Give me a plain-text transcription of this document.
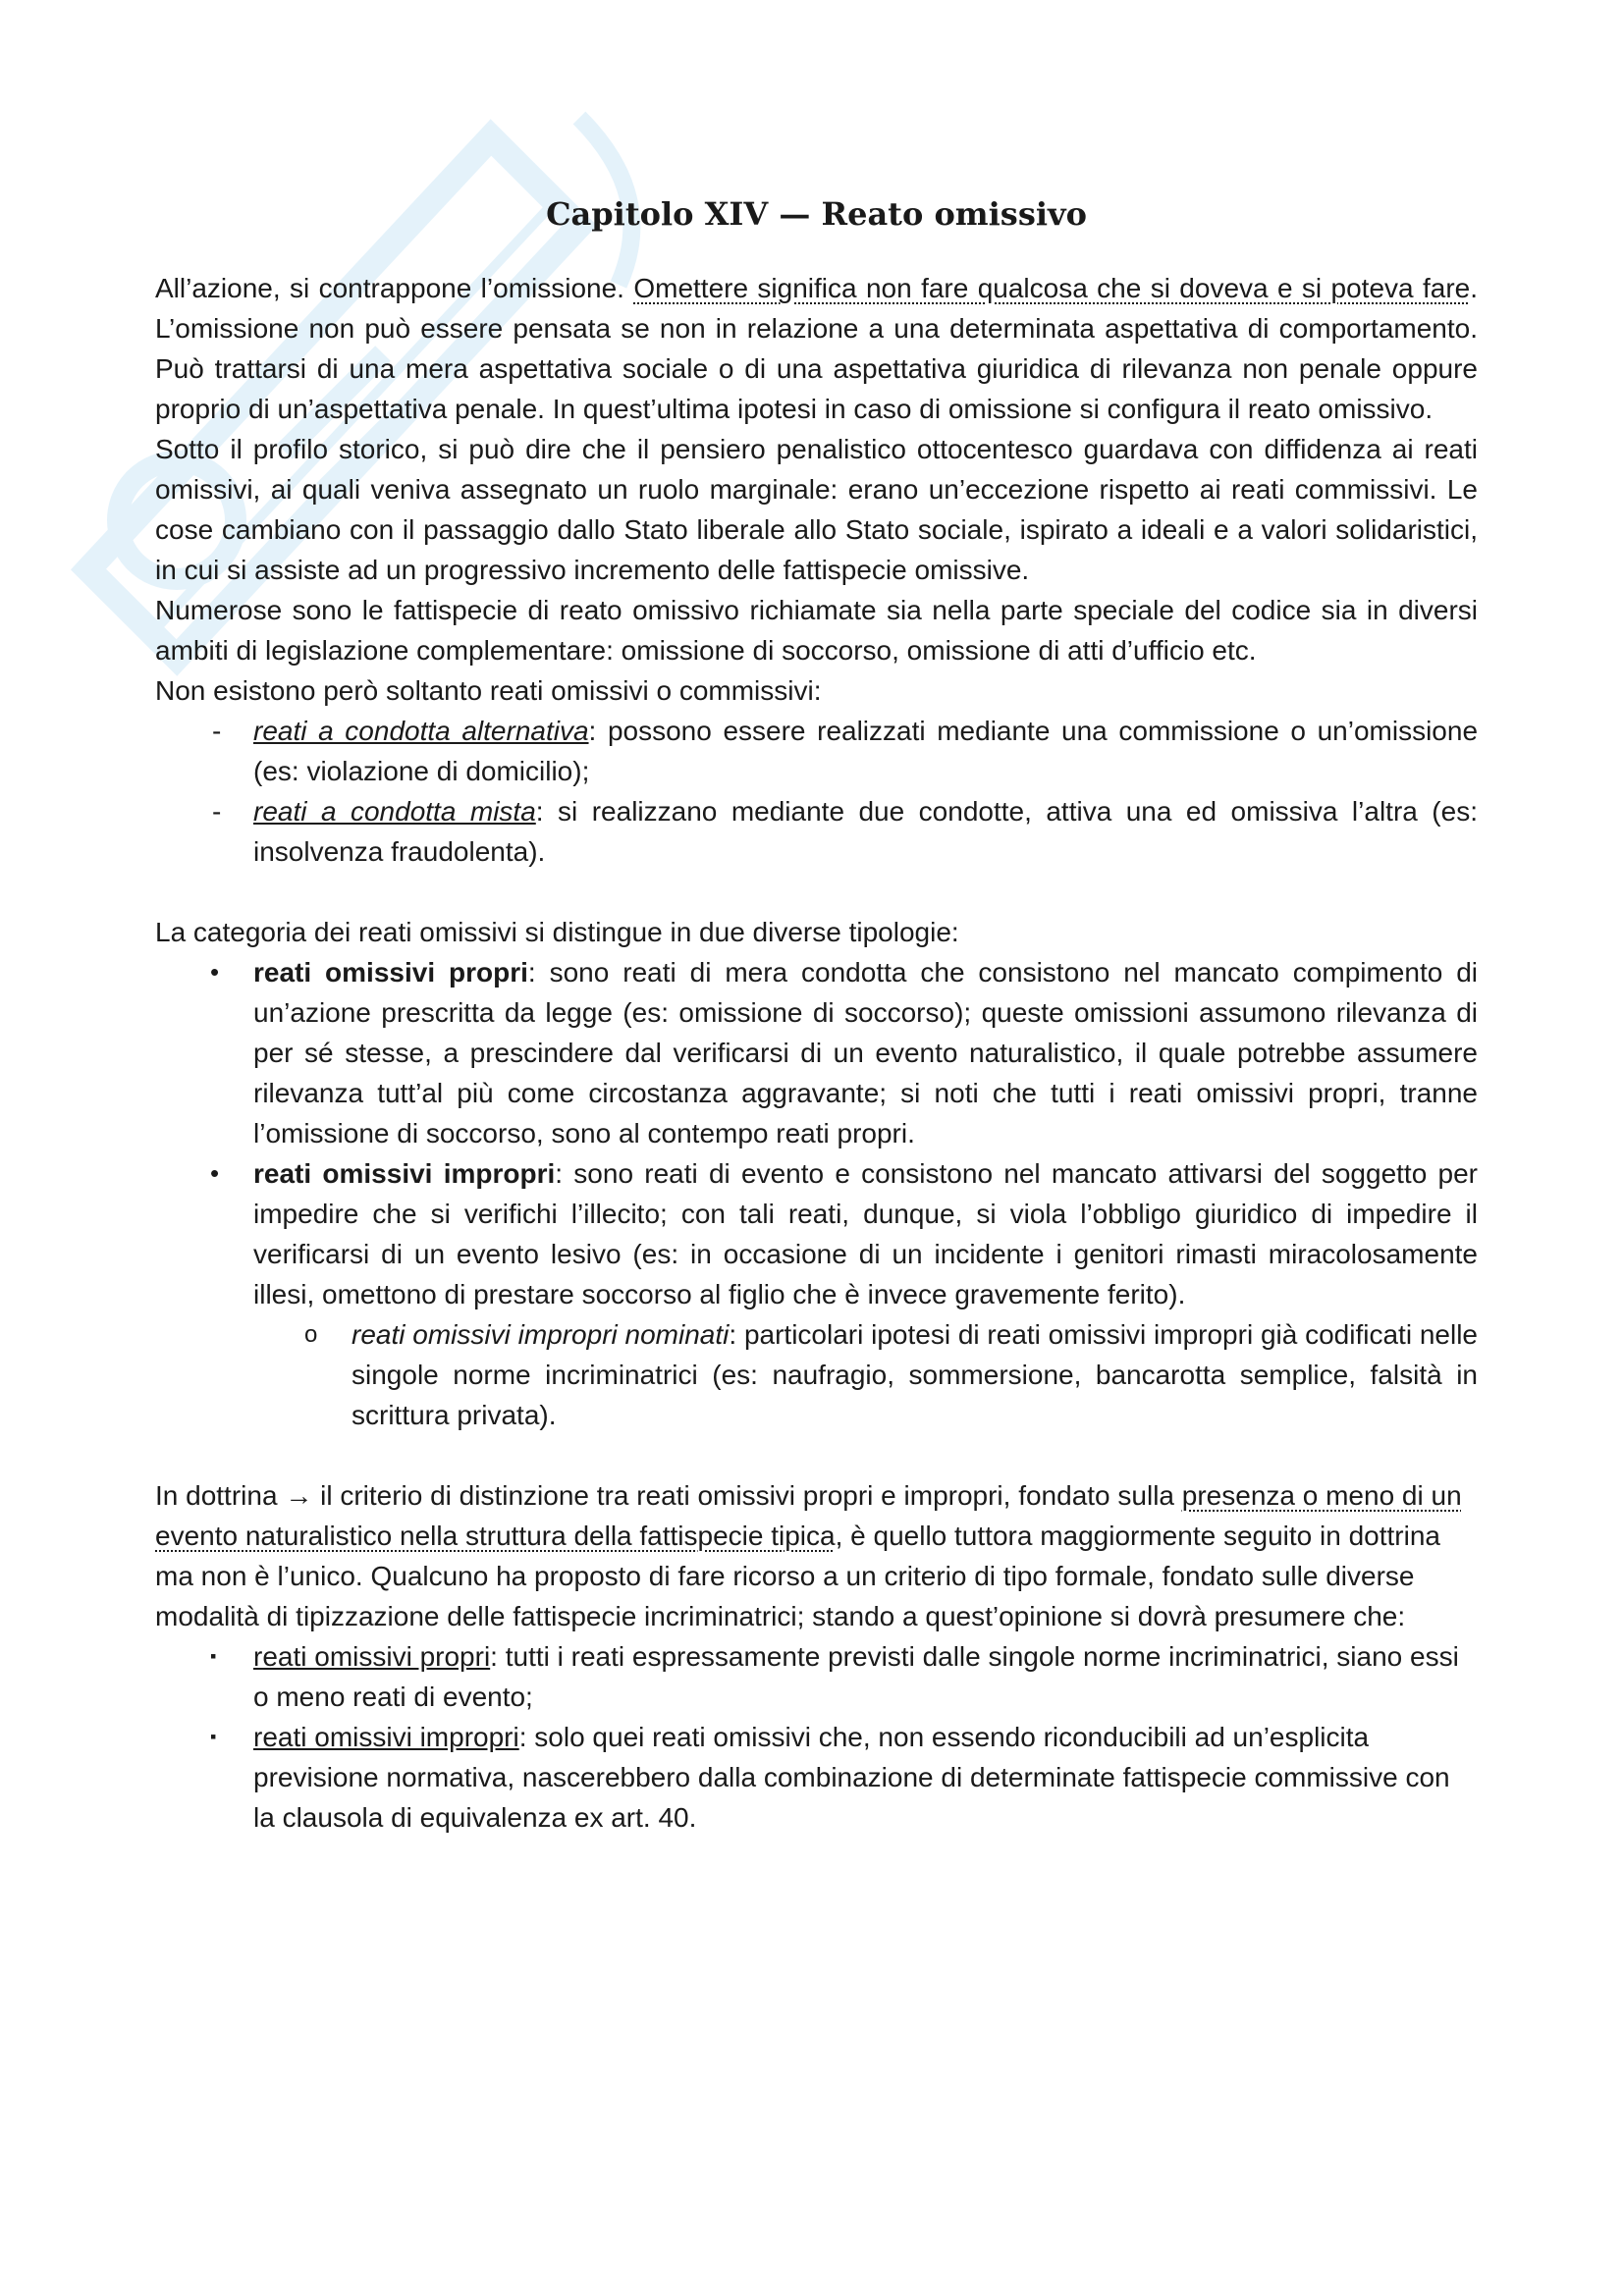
Capitolo XIV — Reato omissivo

All’azione, si contrappone l’omissione. Omettere significa non fare qualcosa che si doveva e si poteva fare. L’omissione non può essere pensata se non in relazione a una determinata aspettativa di comportamento. Può trattarsi di una mera aspettativa sociale o di una aspettativa giuridica di rilevanza non penale oppure proprio di un’aspettativa penale. In quest’ultima ipotesi in caso di omissione si configura il reato omissivo.

Sotto il profilo storico, si può dire che il pensiero penalistico ottocentesco guardava con diffidenza ai reati omissivi, ai quali veniva assegnato un ruolo marginale: erano un’eccezione rispetto ai reati commissivi. Le cose cambiano con il passaggio dallo Stato liberale allo Stato sociale, ispirato a ideali e a valori solidaristici, in cui si assiste ad un progressivo incremento delle fattispecie omissive.

Numerose sono le fattispecie di reato omissivo richiamate sia nella parte speciale del codice sia in diversi ambiti di legislazione complementare: omissione di soccorso, omissione di atti d’ufficio etc.

Non esistono però soltanto reati omissivi o commissivi:

- reati a condotta alternativa: possono essere realizzati mediante una commissione o un’omissione (es: violazione di domicilio);
- reati a condotta mista: si realizzano mediante due condotte, attiva una ed omissiva l’altra (es: insolvenza fraudolenta).

La categoria dei reati omissivi si distingue in due diverse tipologie:

• reati omissivi propri: sono reati di mera condotta che consistono nel mancato compimento di un’azione prescritta da legge (es: omissione di soccorso); queste omissioni assumono rilevanza di per sé stesse, a prescindere dal verificarsi di un evento naturalistico, il quale potrebbe assumere rilevanza tutt’al più come circostanza aggravante; si noti che tutti i reati omissivi propri, tranne l’omissione di soccorso, sono al contempo reati propri.
• reati omissivi impropri: sono reati di evento e consistono nel mancato attivarsi del soggetto per impedire che si verifichi l’illecito; con tali reati, dunque, si viola l’obbligo giuridico di impedire il verificarsi di un evento lesivo (es: in occasione di un incidente i genitori rimasti miracolosamente illesi, omettono di prestare soccorso al figlio che è invece gravemente ferito).
o reati omissivi impropri nominati: particolari ipotesi di reati omissivi impropri già codificati nelle singole norme incriminatrici (es: naufragio, sommersione, bancarotta semplice, falsità in scrittura privata).

In dottrina → il criterio di distinzione tra reati omissivi propri e impropri, fondato sulla presenza o meno di un evento naturalistico nella struttura della fattispecie tipica, è quello tuttora maggiormente seguito in dottrina ma non è l’unico. Qualcuno ha proposto di fare ricorso a un criterio di tipo formale, fondato sulle diverse modalità di tipizzazione delle fattispecie incriminatrici; stando a quest’opinione si dovrà presumere che:

▪ reati omissivi propri: tutti i reati espressamente previsti dalle singole norme incriminatrici, siano essi o meno reati di evento;
▪ reati omissivi impropri: solo quei reati omissivi che, non essendo riconducibili ad un’esplicita previsione normativa, nascerebbero dalla combinazione di determinate fattispecie commissive con la clausola di equivalenza ex art. 40.
